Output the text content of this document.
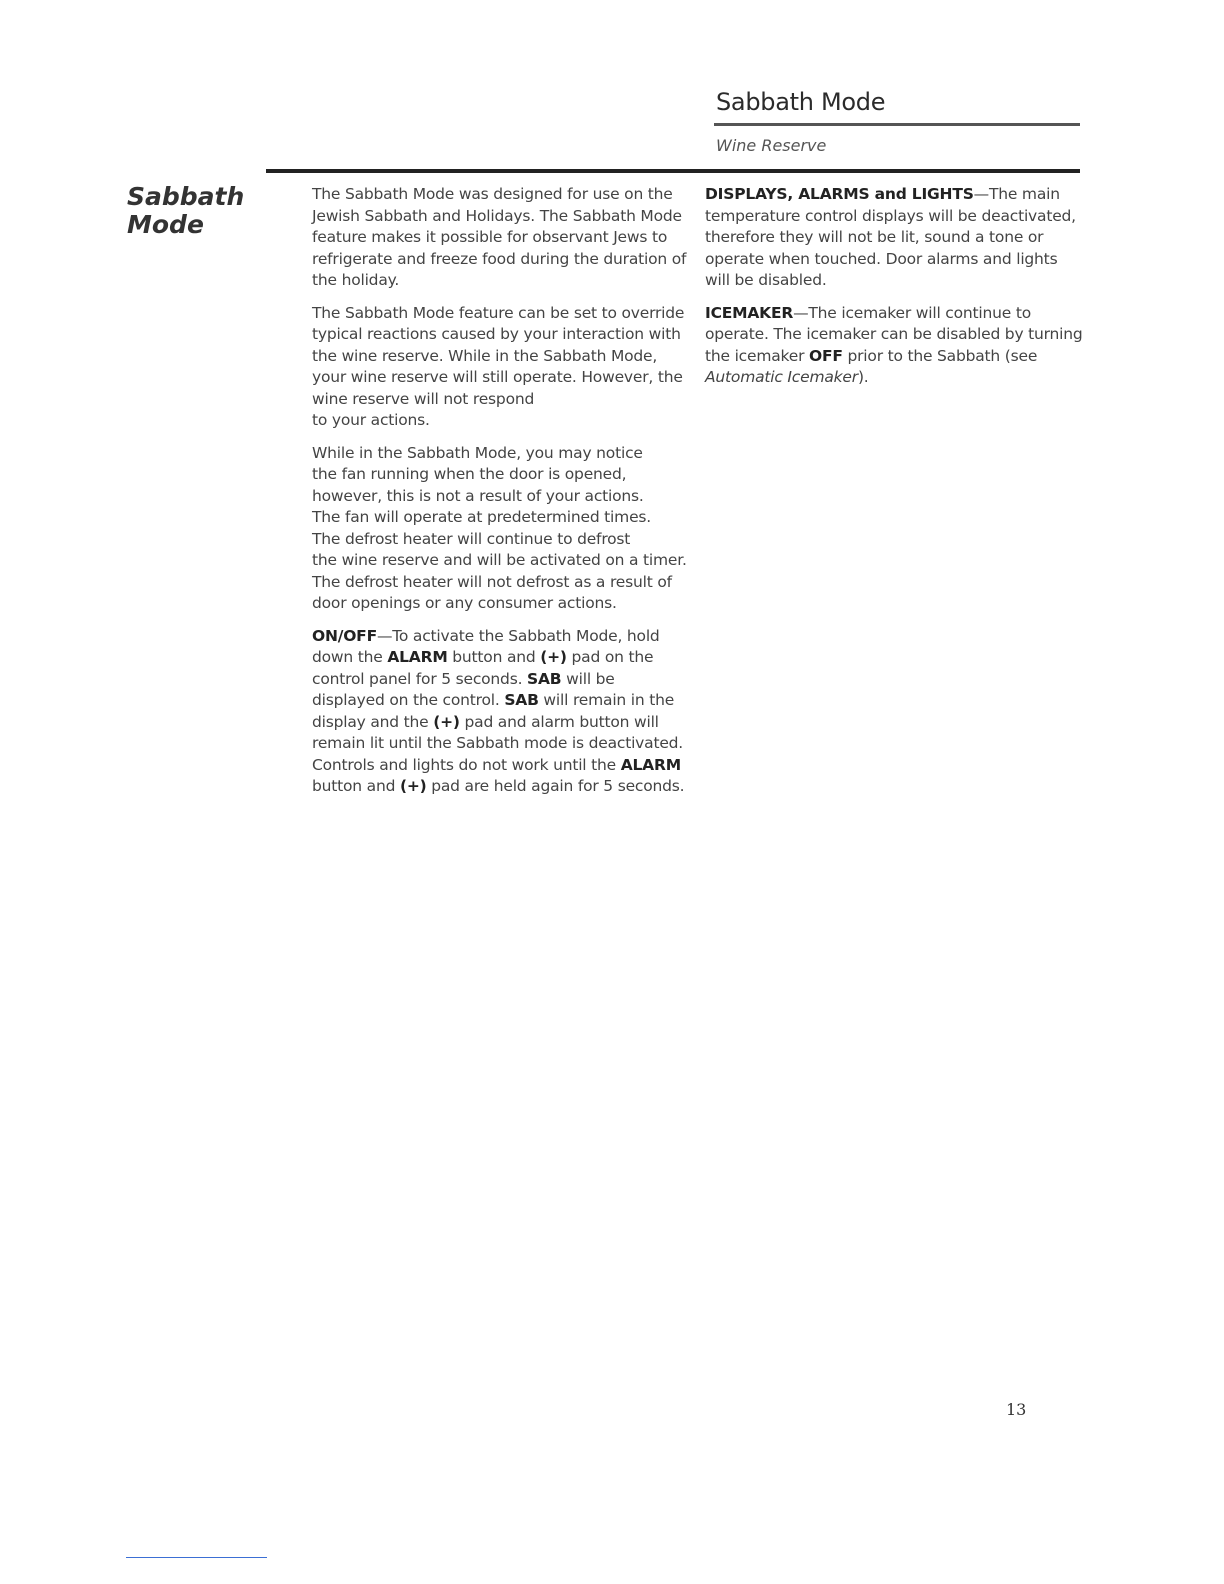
Sabbath Mode
Wine Reserve
Sabbath
Mode

The Sabbath Mode was designed for use on the Jewish Sabbath and Holidays. The Sabbath Mode feature makes it possible for observant Jews to refrigerate and freeze food during the duration of the holiday.

The Sabbath Mode feature can be set to override typical reactions caused by your interaction with the wine reserve. While in the Sabbath Mode, your wine reserve will still operate. However, the wine reserve will not respond
to your actions.

While in the Sabbath Mode, you may notice
the fan running when the door is opened,
however, this is not a result of your actions.
The fan will operate at predetermined times.
The defrost heater will continue to defrost
the wine reserve and will be activated on a timer.
The defrost heater will not defrost as a result of
door openings or any consumer actions.

ON/OFF—To activate the Sabbath Mode, hold down the ALARM button and (+) pad on the control panel for 5 seconds. SAB will be displayed on the control. SAB will remain in the display and the (+) pad and alarm button will remain lit until the Sabbath mode is deactivated. Controls and lights do not work until the ALARM button and (+) pad are held again for 5 seconds.

DISPLAYS, ALARMS and LIGHTS—The main temperature control displays will be deactivated, therefore they will not be lit, sound a tone or operate when touched. Door alarms and lights will be disabled.

ICEMAKER—The icemaker will continue to operate. The icemaker can be disabled by turning the icemaker OFF prior to the Sabbath (see Automatic Icemaker).

13
